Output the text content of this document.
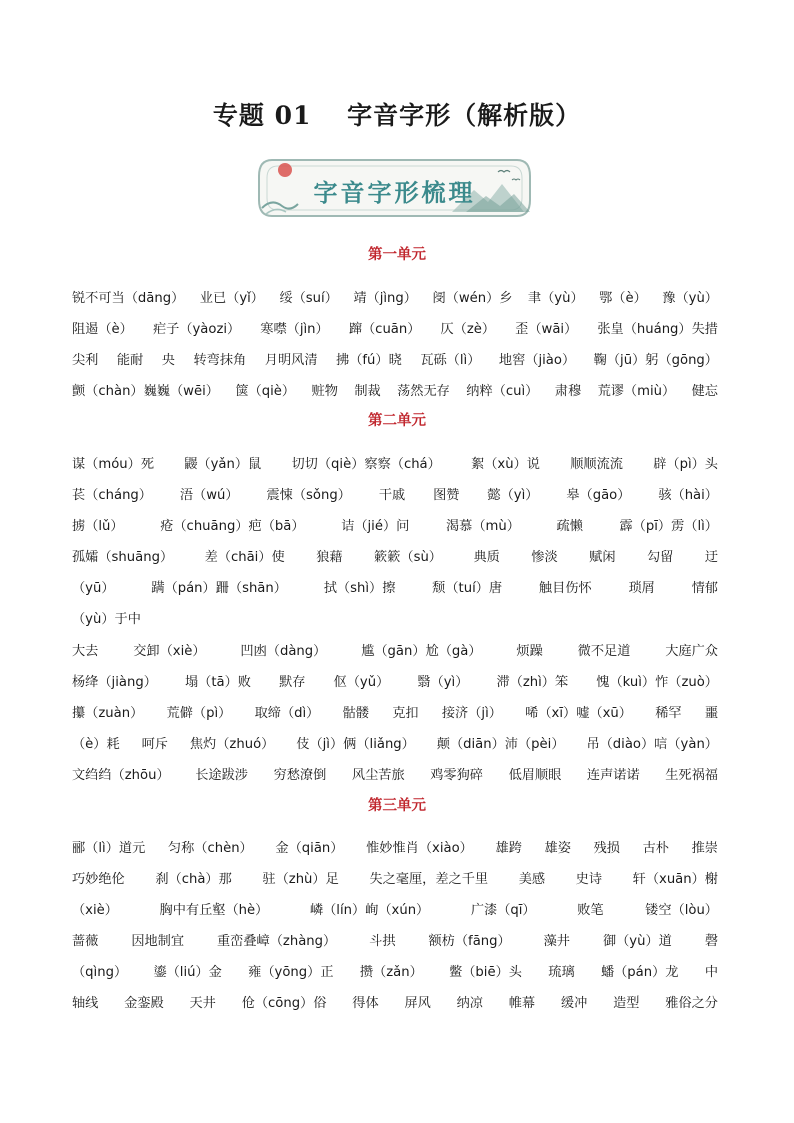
专题 01　 字音字形（解析版）
字音字形梳理
第一单元
锐不可当（dāng） 业已（yǐ） 绥（suí） 靖（jìng） 阌（wén）乡 聿（yù） 鄂（è） 豫（yù）
阻遏（è） 疟子（yàozi） 寒噤（jìn） 蹿（cuān） 仄（zè） 歪（wāi） 张皇（huáng）失措
尖利 能耐 央 转弯抹角 月明风清 拂（fú）晓 瓦砾（lì） 地窖（jiào） 鞠（jū）躬（gōng）
颤（chàn）巍巍（wēi） 箧（qiè） 赃物 制裁 荡然无存 纳粹（cuì） 肃穆 荒谬（miù） 健忘
第二单元
谋（móu）死 鼹（yǎn）鼠 切切（qiè）察察（chá） 絮（xù）说 顺顺流流 辟（pì）头
苌（cháng） 浯（wú） 震悚（sǒng） 干戚 图赞 懿（yì） 皋（gāo） 骇（hài）
掳（lǔ）	疮（chuāng）疤（bā）	诘（jié）问	渴慕（mù）	疏懒	霹（pī）雳（lì）
孤孀（shuāng） 差（chāi）使 狼藉 簌簌（sù） 典质 惨淡 赋闲 勾留 迂
（yū）	蹒（pán）跚（shān）	拭（shì）擦	颓（tuí）唐	触目伤怀	琐屑	情郁
（yù）于中
大去	交卸（xiè）	凹凼（dàng）	尴（gān）尬（gà）	烦躁	微不足道	大庭广众
杨绛（jiàng） 塌（tā）败 默存 伛（yǔ） 翳（yì） 滞（zhì）笨 愧（kuì）怍（zuò）
攥（zuàn） 荒僻（pì） 取缔（dì） 骷髅 克扣 接济（jì） 唏（xī）嘘（xū） 稀罕 噩
（è）耗 呵斥 焦灼（zhuó） 伎（jì）俩（liǎng） 颠（diān）沛（pèi） 吊（diào）唁（yàn）
文绉绉（zhōu） 长途跋涉 穷愁潦倒 风尘苦旅 鸡零狗碎 低眉顺眼 连声诺诺 生死祸福
第三单元
郦（lì）道元 匀称（chèn） 金（qiān） 惟妙惟肖（xiào） 雄跨 雄姿 残损 古朴 推崇
巧妙绝伦 刹（chà）那 驻（zhù）足 失之毫厘，差之千里 美感 史诗 轩（xuān）榭
（xiè）	胸中有丘壑（hè）	嶙（lín）峋（xún）	广漆（qī）	败笔	镂空（lòu）
蔷薇 因地制宜 重峦叠嶂（zhàng） 斗拱 额枋（fāng） 藻井 御（yù）道 磬
（qìng） 鎏（liú）金 雍（yōng）正 攒（zǎn） 鳖（biē）头 琉璃 蟠（pán）龙 中
轴线 金銮殿 天井 伧（cōng）俗 得体 屏风 纳凉 帷幕 缓冲 造型 雅俗之分
